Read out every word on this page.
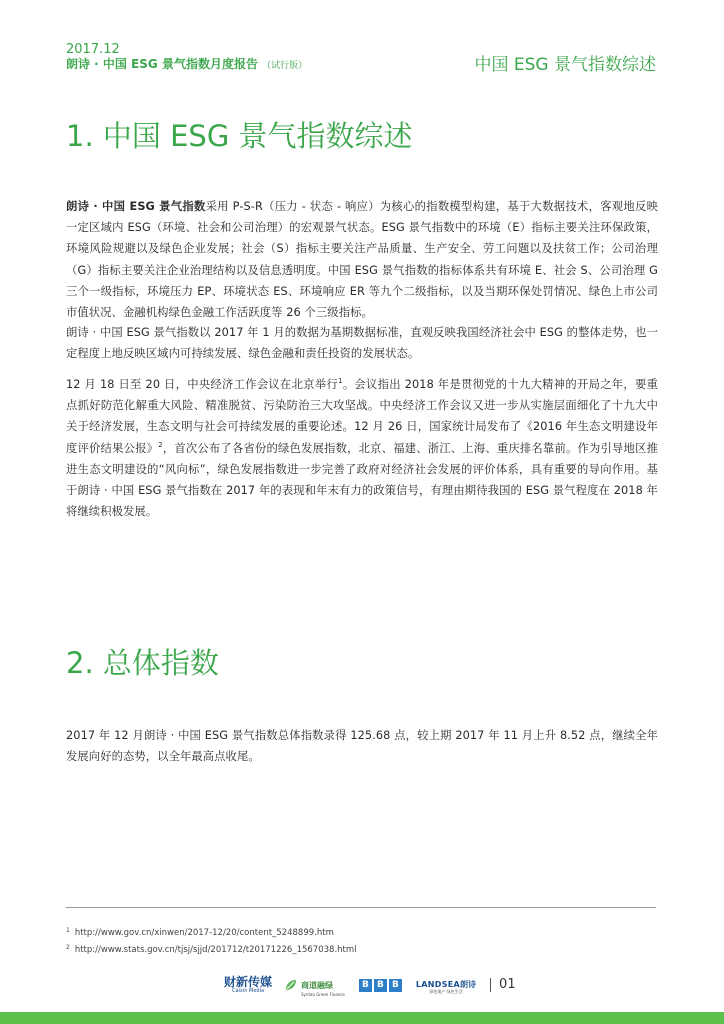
2017.12
朗诗 · 中国 ESG 景气指数月度报告 （试行版）	中国 ESG 景气指数综述
1. 中国 ESG 景气指数综述

朗诗 · 中国 ESG 景气指数采用 P-S-R（压力 - 状态 - 响应）为核心的指数模型构建，基于大数据技术，客观地反映一定区域内 ESG（环境、社会和公司治理）的宏观景气状态。ESG 景气指数中的环境（E）指标主要关注环保政策，环境风险规避以及绿色企业发展；社会（S）指标主要关注产品质量、生产安全、劳工问题以及扶贫工作；公司治理（G）指标主要关注企业治理结构以及信息透明度。中国 ESG 景气指数的指标体系共有环境 E、社会 S、公司治理 G 三个一级指标，环境压力 EP、环境状态 ES、环境响应 ER 等九个二级指标，以及当期环保处罚情况、绿色上市公司市值状况、金融机构绿色金融工作活跃度等 26 个三级指标。

朗诗 · 中国 ESG 景气指数以 2017 年 1 月的数据为基期数据标准，直观反映我国经济社会中 ESG 的整体走势，也一定程度上地反映区域内可持续发展、绿色金融和责任投资的发展状态。

12 月 18 日至 20 日，中央经济工作会议在北京举行$^1$。会议指出 2018 年是贯彻党的十九大精神的开局之年，要重点抓好防范化解重大风险、精准脱贫、污染防治三大攻坚战。中央经济工作会议又进一步从实施层面细化了十九大中关于经济发展，生态文明与社会可持续发展的重要论述。12 月 26 日，国家统计局发布了《2016 年生态文明建设年度评价结果公报》$^2$，首次公布了各省份的绿色发展指数，北京、福建、浙江、上海、重庆排名靠前。作为引导地区推进生态文明建设的“风向标”，绿色发展指数进一步完善了政府对经济社会发展的评价体系，具有重要的导向作用。基于朗诗 · 中国 ESG 景气指数在 2017 年的表现和年末有力的政策信号，有理由期待我国的 ESG 景气程度在 2018 年将继续积极发展。

2. 总体指数

2017 年 12 月朗诗 · 中国 ESG 景气指数总体指数录得 125.68 点，较上期 2017 年 11 月上升 8.52 点，继续全年发展向好的态势，以全年最高点收尾。

$^1$ http://www.gov.cn/xinwen/2017-12/20/content_5248899.htm
$^2$ http://www.stats.gov.cn/tjsj/sjjd/201712/t20171226_1567038.html
财新传媒
Caixin Media
商道融绿
Syntao Green Finance
B B B	LANDSEA朗诗
绿色地产 绿色生活	01
